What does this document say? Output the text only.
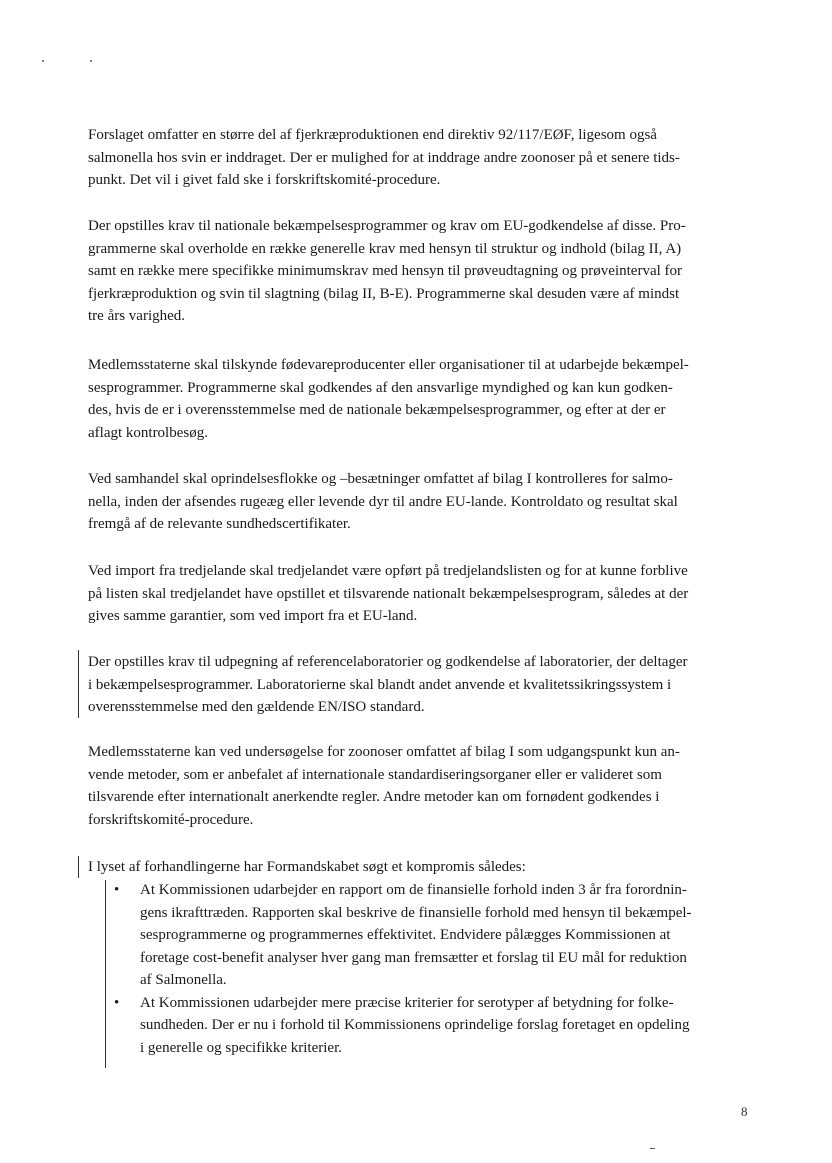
Forslaget omfatter en større del af fjerkræproduktionen end direktiv 92/117/EØF, ligesom også
salmonella hos svin er inddraget. Der er mulighed for at inddrage andre zoonoser på et senere tids-
punkt. Det vil i givet fald ske i forskriftskomité-procedure.

Der opstilles krav til nationale bekæmpelsesprogrammer og krav om EU-godkendelse af disse. Pro-
grammerne skal overholde en række generelle krav med hensyn til struktur og indhold (bilag II, A)
samt en række mere specifikke minimumskrav med hensyn til prøveudtagning og prøveinterval for
fjerkræproduktion og svin til slagtning (bilag II, B-E). Programmerne skal desuden være af mindst
tre års varighed.

Medlemsstaterne skal tilskynde fødevareproducenter eller organisationer til at udarbejde bekæmpel-
sesprogrammer. Programmerne skal godkendes af den ansvarlige myndighed og kan kun godken-
des, hvis de er i overensstemmelse med de nationale bekæmpelsesprogrammer, og efter at der er
aflagt kontrolbesøg.

Ved samhandel skal oprindelsesflokke og –besætninger omfattet af bilag I kontrolleres for salmo-
nella, inden der afsendes rugeæg eller levende dyr til andre EU-lande. Kontroldato og resultat skal
fremgå af de relevante sundhedscertifikater.

Ved import fra tredjelande skal tredjelandet være opført på tredjelandslisten og for at kunne forblive
på listen skal tredjelandet have opstillet et tilsvarende nationalt bekæmpelsesprogram, således at der
gives samme garantier, som ved import fra et EU-land.

Der opstilles krav til udpegning af referencelaboratorier og godkendelse af laboratorier, der deltager
i bekæmpelsesprogrammer. Laboratorierne skal blandt andet anvende et kvalitetssikringssystem i
overensstemmelse med den gældende EN/ISO standard.

Medlemsstaterne kan ved undersøgelse for zoonoser omfattet af bilag I som udgangspunkt kun an-
vende metoder, som er anbefalet af internationale standardiseringsorganer eller er valideret som
tilsvarende efter internationalt anerkendte regler. Andre metoder kan om fornødent godkendes i
forskriftskomité-procedure.

I lyset af forhandlingerne har Formandskabet søgt et kompromis således:

• At Kommissionen udarbejder en rapport om de finansielle forhold inden 3 år fra forordnin-
gens ikrafttræden. Rapporten skal beskrive de finansielle forhold med hensyn til bekæmpel-
sesprogrammerne og programmernes effektivitet. Endvidere pålægges Kommissionen at
foretage cost-benefit analyser hver gang man fremsætter et forslag til EU mål for reduktion
af Salmonella.
• At Kommissionen udarbejder mere præcise kriterier for serotyper af betydning for folke-
sundheden. Der er nu i forhold til Kommissionens oprindelige forslag foretaget en opdeling
i generelle og specifikke kriterier.
8
